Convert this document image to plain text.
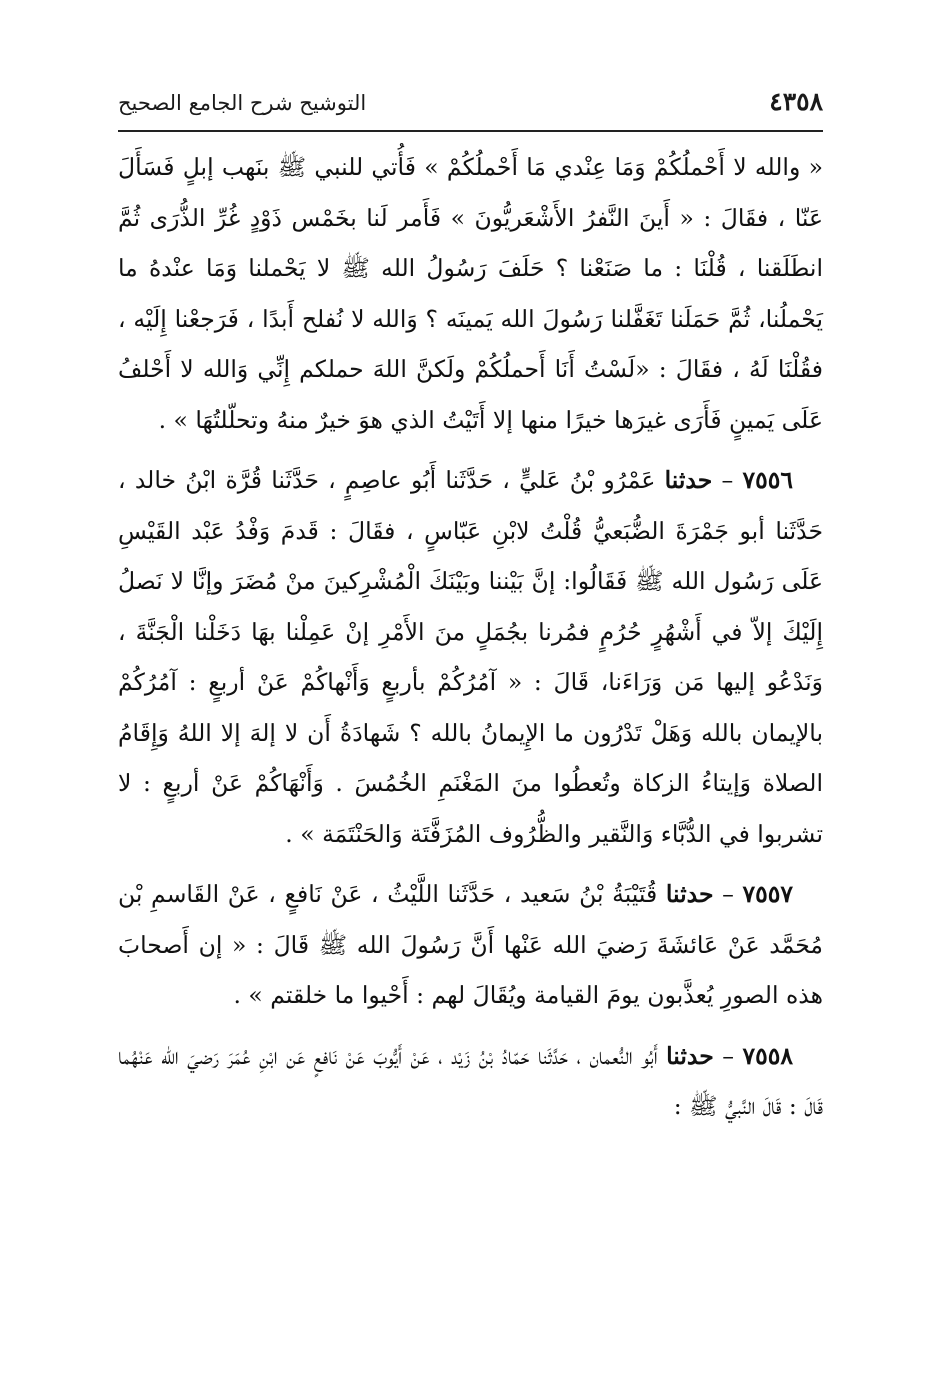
٤٣٥٨
التوشيح شرح الجامع الصحيح

« والله لا أَحْملُكُمْ وَمَا عِنْدي مَا أَحْملُكُمْ » فَأُتي للنبي ﷺ بنَهب إبلٍ فَسَأَلَ عَنّا ، فقَالَ : « أَينَ النَّفرُ الأَشْعَريُّونَ » فَأَمر لَنا بخَمْس ذَوْدٍ غُرِّ الذُّرَى ثُمَّ انطَلَقنا ، قُلْنَا : ما صَنَعْنا ؟ حَلَفَ رَسُولُ الله ﷺ لا يَحْملنا وَمَا عنْدهُ ما يَحْملُنا، ثُمَّ حَمَلَنا تَغَفَّلنا رَسُولَ الله يَمينَه ؟ وَالله لا نُفلح أَبدًا ، فَرَجعْنا إِلَيْه ، فقُلْنَا لَهُ ، فقَالَ : «لَسْتُ أَنَا أَحملُكُمْ ولَكنَّ اللهَ حملكم إِنِّي وَالله لا أَحْلفُ عَلَى يَمينٍ فَأَرَى غيرَها خيرًا منها إلا أَتَيْتُ الذي هوَ خيرٌ منهُ وتحلّلتُهَا » .

٧٥٥٦ – حدثنا عَمْرُو بْنُ عَليٍّ ، حَدَّثَنا أَبُو عاصِمٍ ، حَدَّثَنا قُرَّة ابْنُ خالد ، حَدَّثَنا أبو جَمْرَةَ الضُّبَعيُّ قُلْتُ لابْنِ عَبّاسٍ ، فقَالَ : قَدمَ وَفْدُ عَبْد القَيْسِ عَلَى رَسُول الله ﷺ فَقَالُوا: إنَّ بَيْننا وبَيْنَكَ الْمُشْرِكينَ منْ مُضَرَ وإنَّا لا نَصلُ إِلَيْكَ إلاّ في أَشْهُرٍ حُرُمٍ فمُرنا بجُمَلٍ منَ الأَمْرِ إنْ عَمِلْنا بهَا دَخَلْنا الْجَنَّةَ ، وَنَدْعُو إليها مَن وَرَاءَنا، قَالَ : « آمُرُكُمْ بأربعٍ وَأَنْهاكُمْ عَنْ أربعٍ : آمُرُكُمْ بالإيمان بالله وَهَلْ تَدْرُون ما الإِيمانُ بالله ؟ شَهادَةُ أَن لا إلهَ إلا اللهُ وَإِقَامُ الصلاة وَإيتاءُ الزكاة وتُعطُوا منَ المَغْنَمِ الخُمُسَ . وَأَنْهَاكُمْ عَنْ أربعٍ : لا تشربوا في الدُّبَّاء وَالنَّقير والظُّرُوف المُزَفَّتَة وَالحَنْتَمَة » .

٧٥٥٧ – حدثنا قُتَيْبَةُ بْنُ سَعيد ، حَدَّثَنا اللَّيْثُ ، عَنْ نَافعٍ ، عَنْ القَاسمِ بْن مُحَمَّد عَنْ عَائشَةَ رَضيَ الله عَنْها أَنَّ رَسُولَ الله ﷺ قَالَ : « إن أَصحابَ هذه الصورِ يُعذَّبون يومَ القيامة ويُقَالَ لهم : أَحْيوا ما خلقتم » .

٧٥٥٨ – حدثنا أَبُو النُّعمان ، حَدَّثَنا حَمّادُ بْنُ زَيْد ، عَنْ أَيُّوبَ عَنْ نَافعٍ عَن ابْنِ عُمَرَ رَضيَ الله عَنْهُما قَالَ : قَالَ النَّبيُّ ﷺ :
